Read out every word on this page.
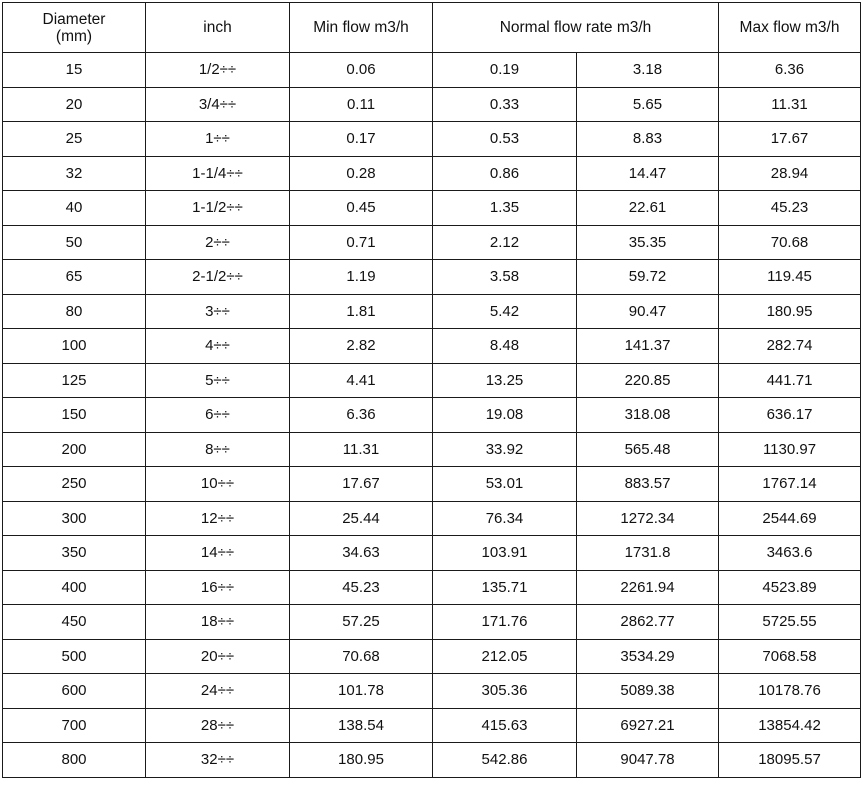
Diameter
(mm)	inch	Min flow m3/h	Normal flow rate m3/h		Max flow m3/h
15	1/2÷÷	0.06	0.19	3.18	6.36
20	3/4÷÷	0.11	0.33	5.65	11.31
25	1÷÷	0.17	0.53	8.83	17.67
32	1-1/4÷÷	0.28	0.86	14.47	28.94
40	1-1/2÷÷	0.45	1.35	22.61	45.23
50	2÷÷	0.71	2.12	35.35	70.68
65	2-1/2÷÷	1.19	3.58	59.72	119.45
80	3÷÷	1.81	5.42	90.47	180.95
100	4÷÷	2.82	8.48	141.37	282.74
125	5÷÷	4.41	13.25	220.85	441.71
150	6÷÷	6.36	19.08	318.08	636.17
200	8÷÷	11.31	33.92	565.48	1130.97
250	10÷÷	17.67	53.01	883.57	1767.14
300	12÷÷	25.44	76.34	1272.34	2544.69
350	14÷÷	34.63	103.91	1731.8	3463.6
400	16÷÷	45.23	135.71	2261.94	4523.89
450	18÷÷	57.25	171.76	2862.77	5725.55
500	20÷÷	70.68	212.05	3534.29	7068.58
600	24÷÷	101.78	305.36	5089.38	10178.76
700	28÷÷	138.54	415.63	6927.21	13854.42
800	32÷÷	180.95	542.86	9047.78	18095.57
